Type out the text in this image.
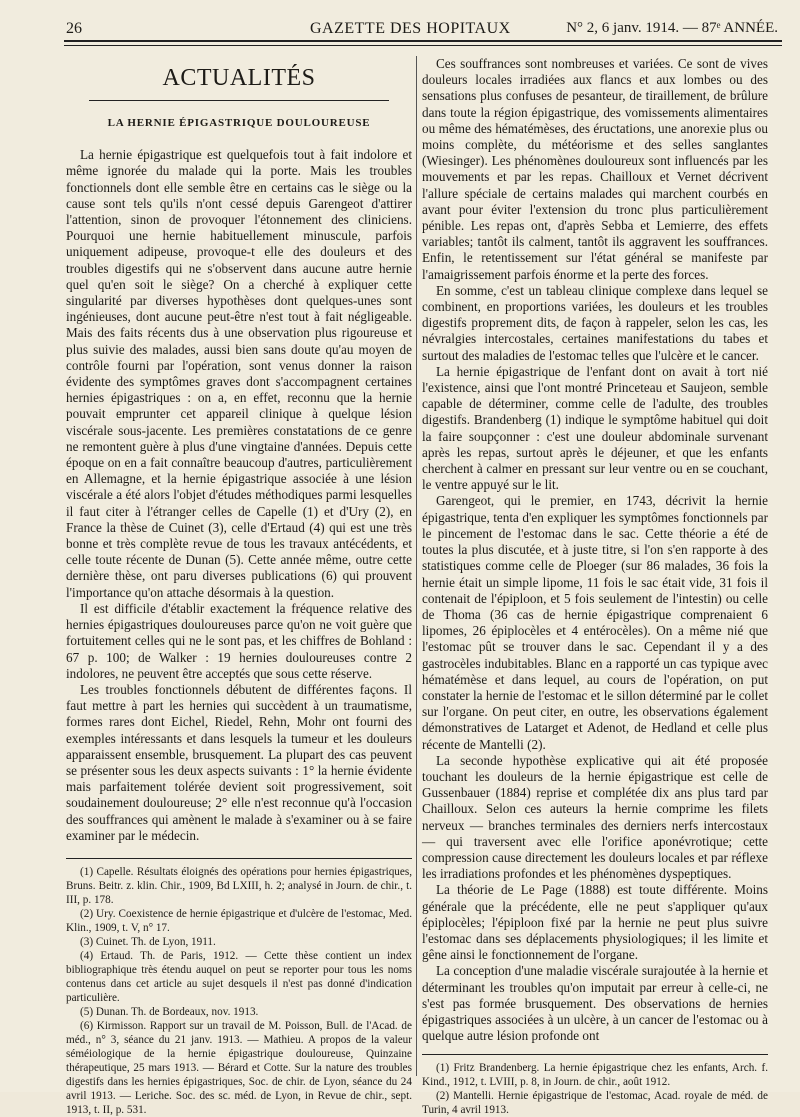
26	GAZETTE DES HOPITAUX	N° 2, 6 janv. 1914. — 87ᵉ ANNÉE.
ACTUALITÉS
LA HERNIE ÉPIGASTRIQUE DOULOUREUSE

La hernie épigastrique est quelquefois tout à fait indolore et même ignorée du malade qui la porte. Mais les troubles fonctionnels dont elle semble être en certains cas le siège ou la cause sont tels qu'ils n'ont cessé depuis Garengeot d'attirer l'attention, sinon de provoquer l'étonnement des cliniciens. Pourquoi une hernie habituellement minuscule, parfois uniquement adipeuse, provoque-t elle des douleurs et des troubles digestifs qui ne s'observent dans aucune autre hernie quel qu'en soit le siège? On a cherché à expliquer cette singularité par diverses hypothèses dont quelques-unes sont ingénieuses, dont aucune peut-être n'est tout à fait négligeable. Mais des faits récents dus à une observation plus rigoureuse et plus suivie des malades, aussi bien sans doute qu'au moyen de contrôle fourni par l'opération, sont venus donner la raison évidente des symptômes graves dont s'accompagnent certaines hernies épigastriques : on a, en effet, reconnu que la hernie pouvait emprunter cet appareil clinique à quelque lésion viscérale sous-jacente. Les premières constatations de ce genre ne remontent guère à plus d'une vingtaine d'années. Depuis cette époque on en a fait connaître beaucoup d'autres, particulièrement en Allemagne, et la hernie épigastrique associée à une lésion viscérale a été alors l'objet d'études méthodiques parmi lesquelles il faut citer à l'étranger celles de Capelle (1) et d'Ury (2), en France la thèse de Cuinet (3), celle d'Ertaud (4) qui est une très bonne et très complète revue de tous les travaux antécédents, et celle toute récente de Dunan (5). Cette année même, outre cette dernière thèse, ont paru diverses publications (6) qui prouvent l'importance qu'on attache désormais à la question.

Il est difficile d'établir exactement la fréquence relative des hernies épigastriques douloureuses parce qu'on ne voit guère que fortuitement celles qui ne le sont pas, et les chiffres de Bohland : 67 p. 100; de Walker : 19 hernies douloureuses contre 2 indolores, ne peuvent être acceptés que sous cette réserve.

Les troubles fonctionnels débutent de différentes façons. Il faut mettre à part les hernies qui succèdent à un traumatisme, formes rares dont Eichel, Riedel, Rehn, Mohr ont fourni des exemples intéressants et dans lesquels la tumeur et les douleurs apparaissent ensemble, brusquement. La plupart des cas peuvent se présenter sous les deux aspects suivants : 1° la hernie évidente mais parfaitement tolérée devient soit progressivement, soit soudainement douloureuse; 2° elle n'est reconnue qu'à l'occasion des souffrances qui amènent le malade à s'examiner ou à se faire examiner par le médecin.

(1) Capelle. Résultats éloignés des opérations pour hernies épigastriques, Bruns. Beitr. z. klin. Chir., 1909, Bd LXIII, h. 2; analysé in Journ. de chir., t. III, p. 178.

(2) Ury. Coexistence de hernie épigastrique et d'ulcère de l'estomac, Med. Klin., 1909, t. V, n° 17.

(3) Cuinet. Th. de Lyon, 1911.

(4) Ertaud. Th. de Paris, 1912. — Cette thèse contient un index bibliographique très étendu auquel on peut se reporter pour tous les noms contenus dans cet article au sujet desquels il n'est pas donné d'indication particulière.

(5) Dunan. Th. de Bordeaux, nov. 1913.

(6) Kirmisson. Rapport sur un travail de M. Poisson, Bull. de l'Acad. de méd., n° 3, séance du 21 janv. 1913. — Mathieu. A propos de la valeur séméiologique de la hernie épigastrique douloureuse, Quinzaine thérapeutique, 25 mars 1913. — Bérard et Cotte. Sur la nature des troubles digestifs dans les hernies épigastriques, Soc. de chir. de Lyon, séance du 24 avril 1913. — Leriche. Soc. des sc. méd. de Lyon, in Revue de chir., sept. 1913, t. II, p. 531.

Ces souffrances sont nombreuses et variées. Ce sont de vives douleurs locales irradiées aux flancs et aux lombes ou des sensations plus confuses de pesanteur, de tiraillement, de brûlure dans toute la région épigastrique, des vomissements alimentaires ou même des hématémèses, des éructations, une anorexie plus ou moins complète, du météorisme et des selles sanglantes (Wiesinger). Les phénomènes douloureux sont influencés par les mouvements et par les repas. Chailloux et Vernet décrivent l'allure spéciale de certains malades qui marchent courbés en avant pour éviter l'extension du tronc plus particulièrement pénible. Les repas ont, d'après Sebba et Lemierre, des effets variables; tantôt ils calment, tantôt ils aggravent les souffrances. Enfin, le retentissement sur l'état général se manifeste par l'amaigrissement parfois énorme et la perte des forces.

En somme, c'est un tableau clinique complexe dans lequel se combinent, en proportions variées, les douleurs et les troubles digestifs proprement dits, de façon à rappeler, selon les cas, les névralgies intercostales, certaines manifestations du tabes et surtout des maladies de l'estomac telles que l'ulcère et le cancer.

La hernie épigastrique de l'enfant dont on avait à tort nié l'existence, ainsi que l'ont montré Princeteau et Saujeon, semble capable de déterminer, comme celle de l'adulte, des troubles digestifs. Brandenberg (1) indique le symptôme habituel qui doit la faire soupçonner : c'est une douleur abdominale survenant après les repas, surtout après le déjeuner, et que les enfants cherchent à calmer en pressant sur leur ventre ou en se couchant, le ventre appuyé sur le lit.

Garengeot, qui le premier, en 1743, décrivit la hernie épigastrique, tenta d'en expliquer les symptômes fonctionnels par le pincement de l'estomac dans le sac. Cette théorie a été de toutes la plus discutée, et à juste titre, si l'on s'en rapporte à des statistiques comme celle de Ploeger (sur 86 malades, 36 fois la hernie était un simple lipome, 11 fois le sac était vide, 31 fois il contenait de l'épiploon, et 5 fois seulement de l'intestin) ou celle de Thoma (36 cas de hernie épigastrique comprenaient 6 lipomes, 26 épiplocèles et 4 entérocèles). On a même nié que l'estomac pût se trouver dans le sac. Cependant il y a des gastrocèles indubitables. Blanc en a rapporté un cas typique avec hématémèse et dans lequel, au cours de l'opération, on put constater la hernie de l'estomac et le sillon déterminé par le collet sur l'organe. On peut citer, en outre, les observations également démonstratives de Latarget et Adenot, de Hedland et celle plus récente de Mantelli (2).

La seconde hypothèse explicative qui ait été proposée touchant les douleurs de la hernie épigastrique est celle de Gussenbauer (1884) reprise et complétée dix ans plus tard par Chailloux. Selon ces auteurs la hernie comprime les filets nerveux — branches terminales des derniers nerfs intercostaux — qui traversent avec elle l'orifice aponévrotique; cette compression cause directement les douleurs locales et par réflexe les irradiations profondes et les phénomènes dyspeptiques.

La théorie de Le Page (1888) est toute différente. Moins générale que la précédente, elle ne peut s'appliquer qu'aux épiplocèles; l'épiploon fixé par la hernie ne peut plus suivre l'estomac dans ses déplacements physiologiques; il les limite et gêne ainsi le fonctionnement de l'organe.

La conception d'une maladie viscérale surajoutée à la hernie et déterminant les troubles qu'on imputait par erreur à celle-ci, ne s'est pas formée brusquement. Des observations de hernies épigastriques associées à un ulcère, à un cancer de l'estomac ou à quelque autre lésion profonde ont

(1) Fritz Brandenberg. La hernie épigastrique chez les enfants, Arch. f. Kind., 1912, t. LVIII, p. 8, in Journ. de chir., août 1912.

(2) Mantelli. Hernie épigastrique de l'estomac, Acad. royale de méd. de Turin, 4 avril 1913.
